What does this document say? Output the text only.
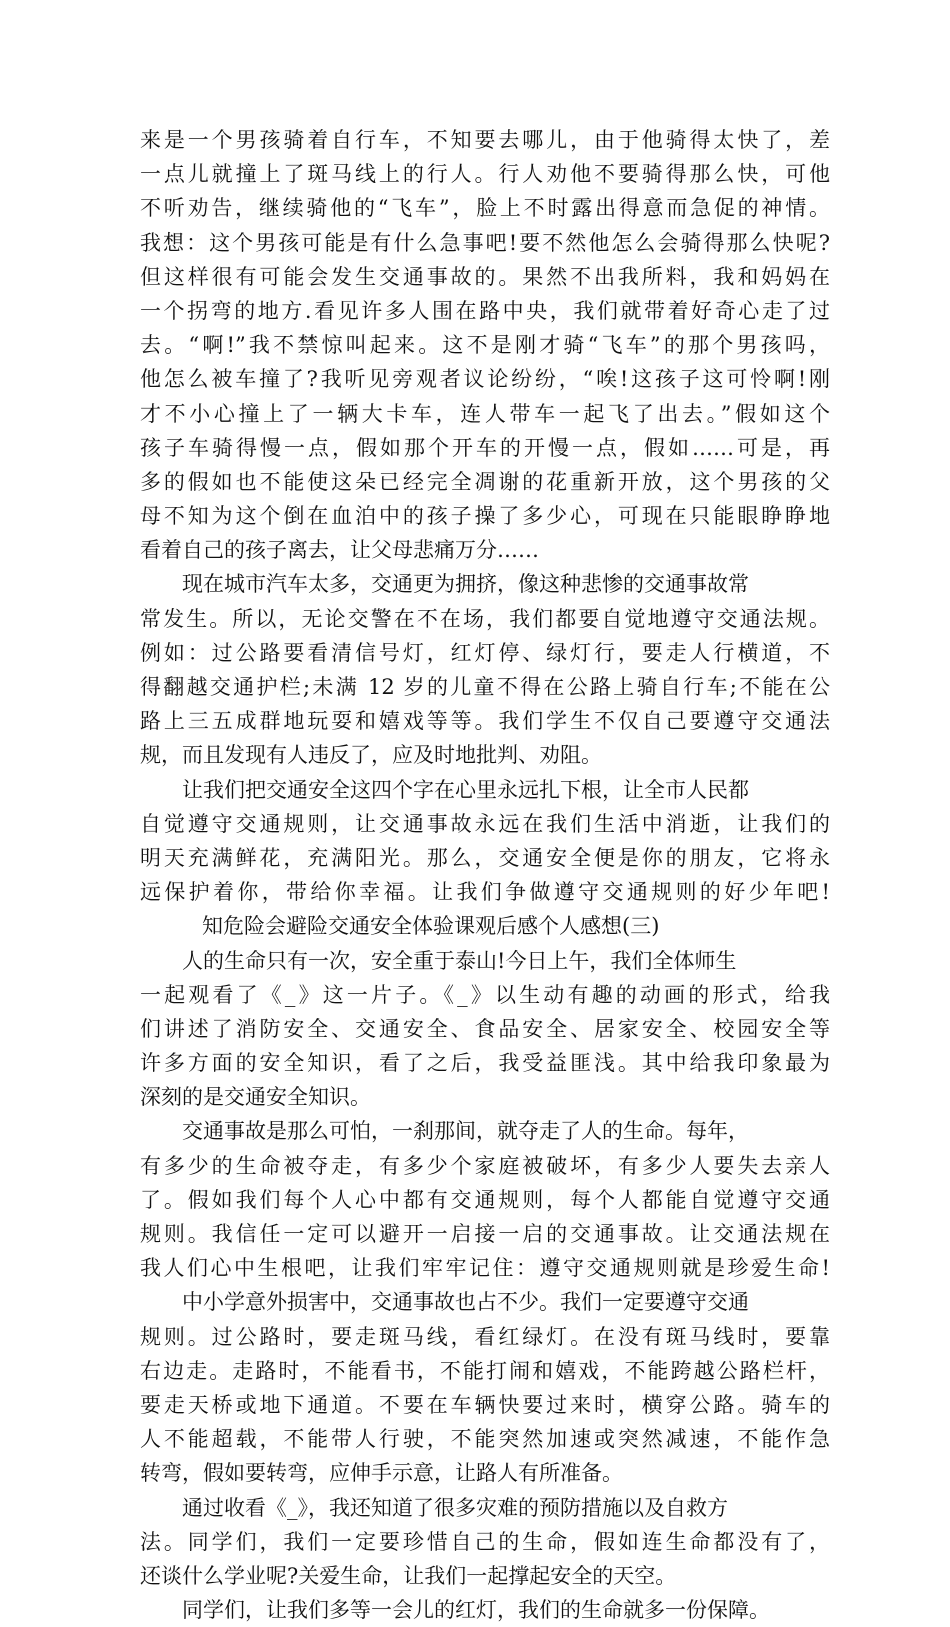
来是一个男孩骑着自行车，不知要去哪儿，由于他骑得太快了，差
一点儿就撞上了斑马线上的行人。行人劝他不要骑得那么快，可他
不听劝告，继续骑他的“飞车”，脸上不时露出得意而急促的神情。
我想：这个男孩可能是有什么急事吧!要不然他怎么会骑得那么快呢?
但这样很有可能会发生交通事故的。果然不出我所料，我和妈妈在
一个拐弯的地方.看见许多人围在路中央，我们就带着好奇心走了过
去。“啊!”我不禁惊叫起来。这不是刚才骑“飞车”的那个男孩吗，
他怎么被车撞了?我听见旁观者议论纷纷，“唉!这孩子这可怜啊!刚
才不小心撞上了一辆大卡车，连人带车一起飞了出去。”假如这个
孩子车骑得慢一点，假如那个开车的开慢一点，假如……可是，再
多的假如也不能使这朵已经完全凋谢的花重新开放，这个男孩的父
母不知为这个倒在血泊中的孩子操了多少心，可现在只能眼睁睁地
看着自己的孩子离去，让父母悲痛万分……
现在城市汽车太多，交通更为拥挤，像这种悲惨的交通事故常
常发生。所以，无论交警在不在场，我们都要自觉地遵守交通法规。
例如：过公路要看清信号灯，红灯停、绿灯行，要走人行横道，不
得翻越交通护栏;未满 12 岁的儿童不得在公路上骑自行车;不能在公
路上三五成群地玩耍和嬉戏等等。我们学生不仅自己要遵守交通法
规，而且发现有人违反了，应及时地批判、劝阻。
让我们把交通安全这四个字在心里永远扎下根，让全市人民都
自觉遵守交通规则，让交通事故永远在我们生活中消逝，让我们的
明天充满鲜花，充满阳光。那么，交通安全便是你的朋友，它将永
远保护着你，带给你幸福。让我们争做遵守交通规则的好少年吧!
知危险会避险交通安全体验课观后感个人感想(三)
人的生命只有一次，安全重于泰山!今日上午，我们全体师生
一起观看了《_》这一片子。《_》以生动有趣的动画的形式，给我
们讲述了消防安全、交通安全、食品安全、居家安全、校园安全等
许多方面的安全知识，看了之后，我受益匪浅。其中给我印象最为
深刻的是交通安全知识。
交通事故是那么可怕，一刹那间，就夺走了人的生命。每年，
有多少的生命被夺走，有多少个家庭被破坏，有多少人要失去亲人
了。假如我们每个人心中都有交通规则，每个人都能自觉遵守交通
规则。我信任一定可以避开一启接一启的交通事故。让交通法规在
我人们心中生根吧，让我们牢牢记住：遵守交通规则就是珍爱生命!
中小学意外损害中，交通事故也占不少。我们一定要遵守交通
规则。过公路时，要走斑马线，看红绿灯。在没有斑马线时，要靠
右边走。走路时，不能看书，不能打闹和嬉戏，不能跨越公路栏杆，
要走天桥或地下通道。不要在车辆快要过来时，横穿公路。骑车的
人不能超载，不能带人行驶，不能突然加速或突然减速，不能作急
转弯，假如要转弯，应伸手示意，让路人有所准备。
通过收看《_》，我还知道了很多灾难的预防措施以及自救方
法。同学们，我们一定要珍惜自己的生命，假如连生命都没有了，
还谈什么学业呢?关爱生命，让我们一起撑起安全的天空。
同学们，让我们多等一会儿的红灯，我们的生命就多一份保障。
